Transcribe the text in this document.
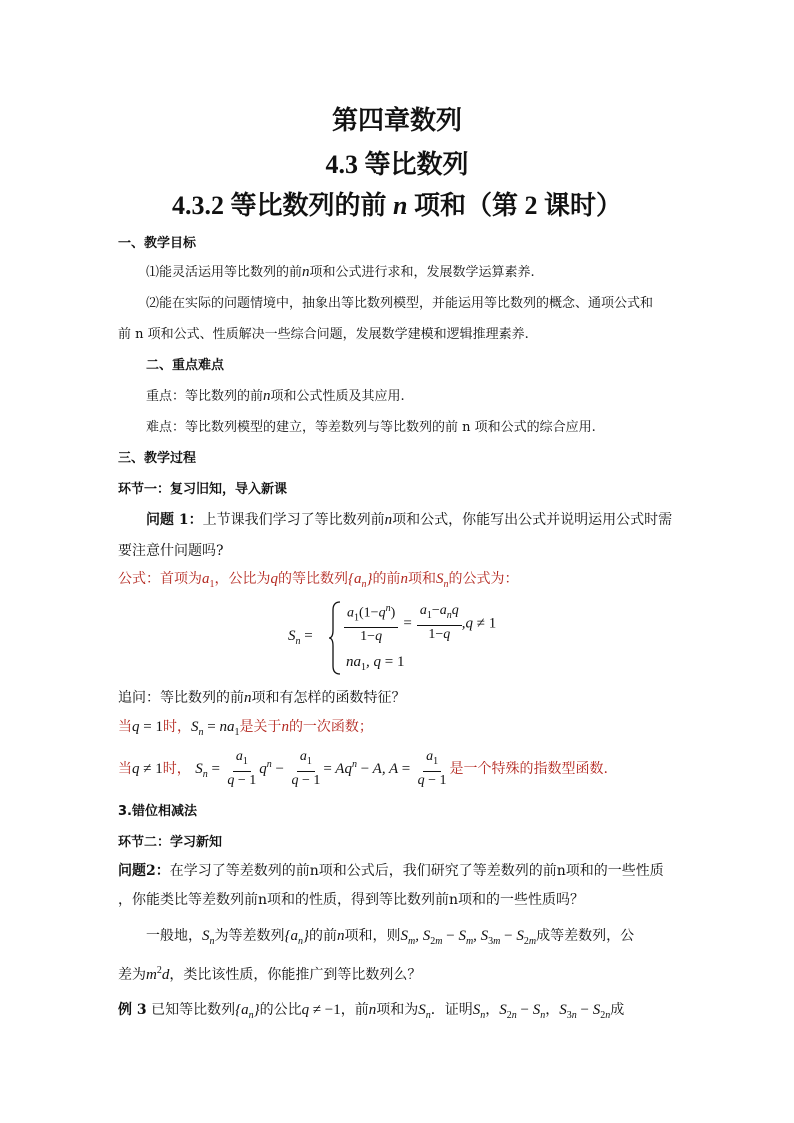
第四章数列
4.3 等比数列
4.3.2 等比数列的前 n 项和（第 2 课时）
一、教学目标
⑴能灵活运用等比数列的前n项和公式进行求和，发展数学运算素养.
⑵能在实际的问题情境中，抽象出等比数列模型，并能运用等比数列的概念、通项公式和
前 n 项和公式、性质解决一些综合问题，发展数学建模和逻辑推理素养.
二、重点难点
重点：等比数列的前n项和公式性质及其应用.
难点：等比数列模型的建立，等差数列与等比数列的前 n 项和公式的综合应用.
三、教学过程
环节一：复习旧知，导入新课
问题 1：上节课我们学习了等比数列前n项和公式，你能写出公式并说明运用公式时需
要注意什问题吗?
公式：首项为$a_1$，公比为q的等比数列$\{a_n\}$的前n项和$S_n$的公式为：
$S_n = \frac{a_1(1-q^n)}{1-q} = \frac{a_1-a_nq}{1-q} ,q \ne 1$
$na_1$, q = 1
追问：等比数列的前n项和有怎样的函数特征？
当q = 1时，$S_n = na_1$是关于n的一次函数；
当q ≠ 1时， $S_n = \frac{a_1}{q - 1} q^n - \frac{a_1}{q - 1} = Aq^n - A$, $A = \frac{a_1}{q - 1}$ 是一个特殊的指数型函数.
3.错位相减法
环节二：学习新知
问题2：在学习了等差数列的前n项和公式后，我们研究了等差数列的前n项和的一些性质
，你能类比等差数列前n项和的性质，得到等比数列前n项和的一些性质吗？
一般地，$S_n$为等差数列$\{a_n\}$的前n项和，则$S_m$, $S_{2m} - S_m$, $S_{3m} - S_{2m}$成等差数列，公
差为$m^2d$，类比该性质，你能推广到等比数列么？
例 3 已知等比数列$\{a_n\}$的公比q ≠ −1，前n项和为$S_n$．证明$S_n$，$S_{2n} - S_n$，$S_{3n} - S_{2n}$成
